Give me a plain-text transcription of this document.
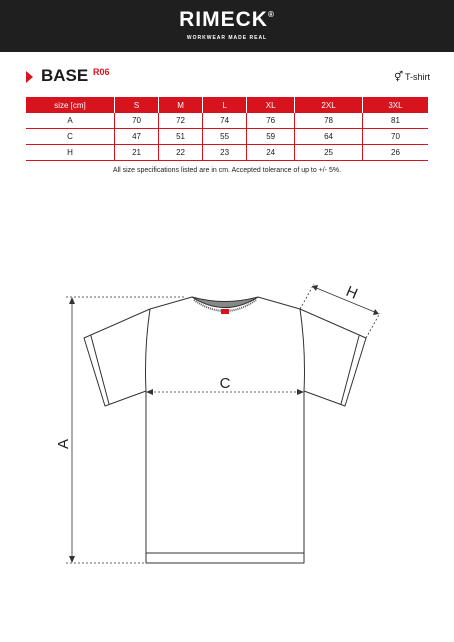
RIMECK®
WORKWEAR MADE REAL
BASE R06	⚥ T-shirt
size [cm]	S	M	L	XL	2XL	3XL
A	70	72	74	76	78	81
C	47	51	55	59	64	70
H	21	22	23	24	25	26
All size specifications listed are in cm. Accepted tolerance of up to +/- 5%.
A
C
H
